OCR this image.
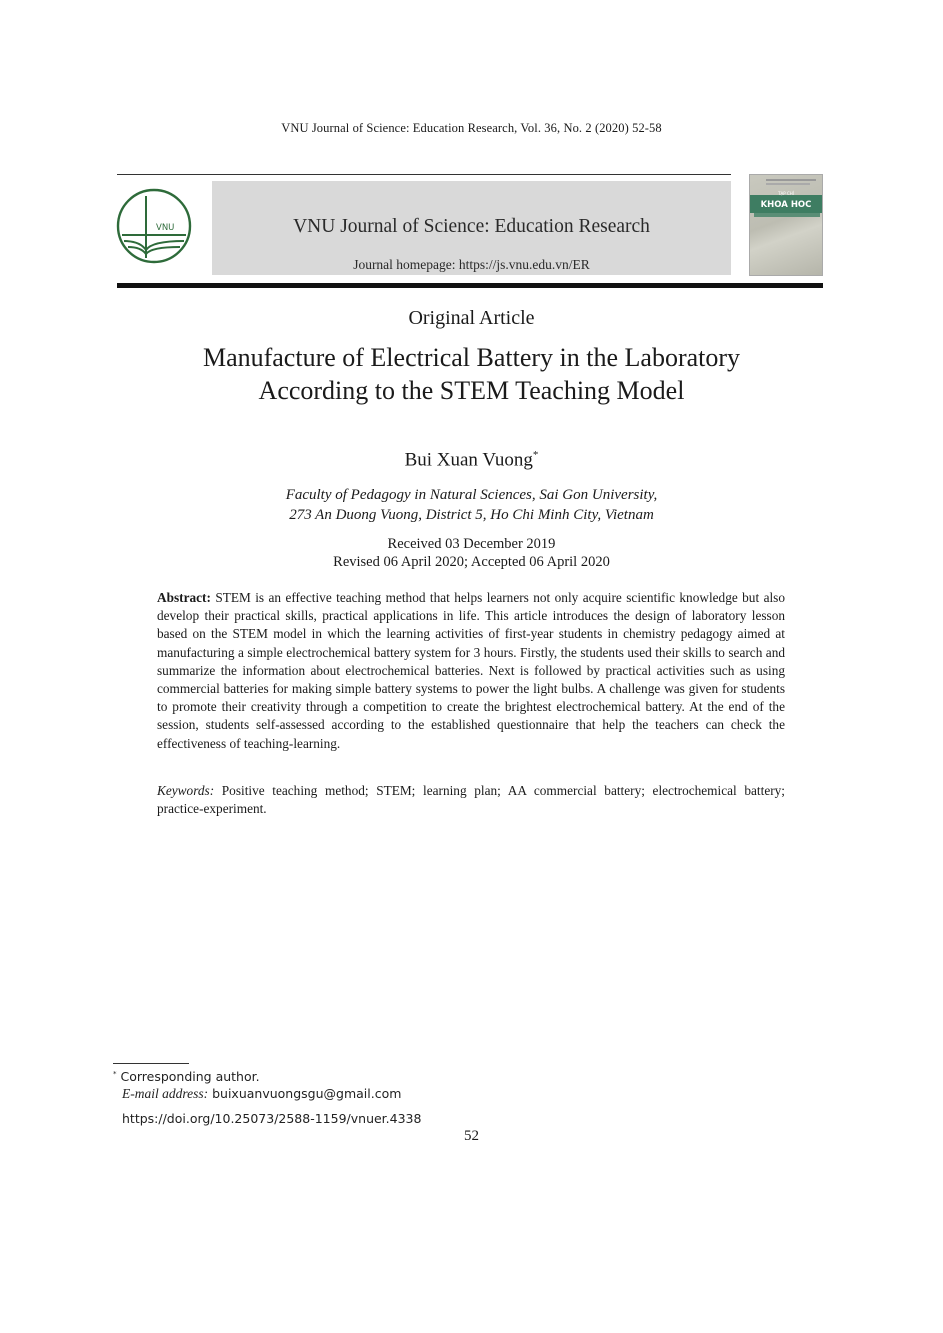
VNU Journal of Science: Education Research, Vol. 36, No. 2 (2020) 52-58
VNU	VNU Journal of Science: Education Research
Journal homepage: https://js.vnu.edu.vn/ER
TẠP CHÍ
KHOA HOC
Original Article
Manufacture of Electrical Battery in the Laboratory
According to the STEM Teaching Model
Bui Xuan Vuong*
Faculty of Pedagogy in Natural Sciences, Sai Gon University,
273 An Duong Vuong, District 5, Ho Chi Minh City, Vietnam
Received 03 December 2019
Revised 06 April 2020; Accepted 06 April 2020
Abstract: STEM is an effective teaching method that helps learners not only acquire scientific knowledge but also develop their practical skills, practical applications in life. This article introduces the design of laboratory lesson based on the STEM model in which the learning activities of first-year students in chemistry pedagogy aimed at manufacturing a simple electrochemical battery system for 3 hours. Firstly, the students used their skills to search and summarize the information about electrochemical batteries. Next is followed by practical activities such as using commercial batteries for making simple battery systems to power the light bulbs. A challenge was given for students to promote their creativity through a competition to create the brightest electrochemical battery. At the end of the session, students self-assessed according to the established questionnaire that help the teachers can check the effectiveness of teaching-learning.
Keywords: Positive teaching method; STEM; learning plan; AA commercial battery; electrochemical battery; practice-experiment.
* Corresponding author.
E-mail address: buixuanvuongsgu@gmail.com
https://doi.org/10.25073/2588-1159/vnuer.4338
52
